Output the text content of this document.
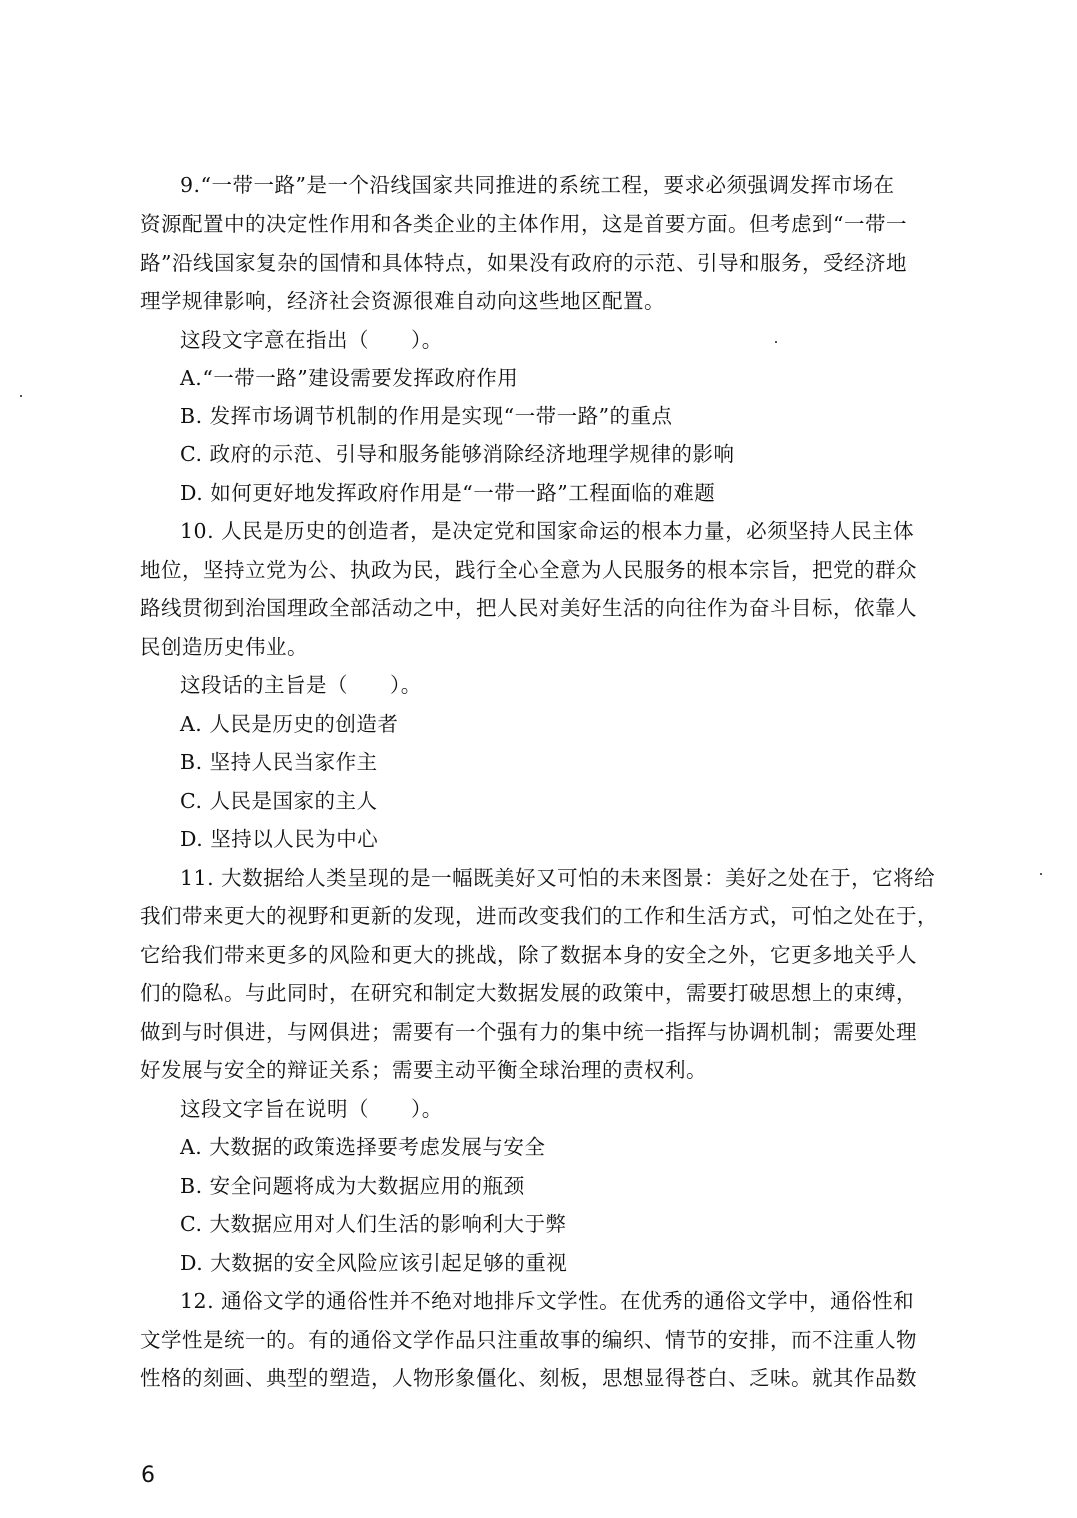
9.“一带一路”是一个沿线国家共同推进的系统工程，要求必须强调发挥市场在
资源配置中的决定性作用和各类企业的主体作用，这是首要方面。但考虑到“一带一
路”沿线国家复杂的国情和具体特点，如果没有政府的示范、引导和服务，受经济地
理学规律影响，经济社会资源很难自动向这些地区配置。
这段文字意在指出（　　）。
A.“一带一路”建设需要发挥政府作用
B. 发挥市场调节机制的作用是实现“一带一路”的重点
C. 政府的示范、引导和服务能够消除经济地理学规律的影响
D. 如何更好地发挥政府作用是“一带一路”工程面临的难题
10. 人民是历史的创造者，是决定党和国家命运的根本力量，必须坚持人民主体
地位，坚持立党为公、执政为民，践行全心全意为人民服务的根本宗旨，把党的群众
路线贯彻到治国理政全部活动之中，把人民对美好生活的向往作为奋斗目标，依靠人
民创造历史伟业。
这段话的主旨是（　　）。
A. 人民是历史的创造者
B. 坚持人民当家作主
C. 人民是国家的主人
D. 坚持以人民为中心
11. 大数据给人类呈现的是一幅既美好又可怕的未来图景：美好之处在于，它将给
我们带来更大的视野和更新的发现，进而改变我们的工作和生活方式，可怕之处在于，
它给我们带来更多的风险和更大的挑战，除了数据本身的安全之外，它更多地关乎人
们的隐私。与此同时，在研究和制定大数据发展的政策中，需要打破思想上的束缚，
做到与时俱进，与网俱进；需要有一个强有力的集中统一指挥与协调机制；需要处理
好发展与安全的辩证关系；需要主动平衡全球治理的责权利。
这段文字旨在说明（　　）。
A. 大数据的政策选择要考虑发展与安全
B. 安全问题将成为大数据应用的瓶颈
C. 大数据应用对人们生活的影响利大于弊
D. 大数据的安全风险应该引起足够的重视
12. 通俗文学的通俗性并不绝对地排斥文学性。在优秀的通俗文学中，通俗性和
文学性是统一的。有的通俗文学作品只注重故事的编织、情节的安排，而不注重人物
性格的刻画、典型的塑造，人物形象僵化、刻板，思想显得苍白、乏味。就其作品数
6
